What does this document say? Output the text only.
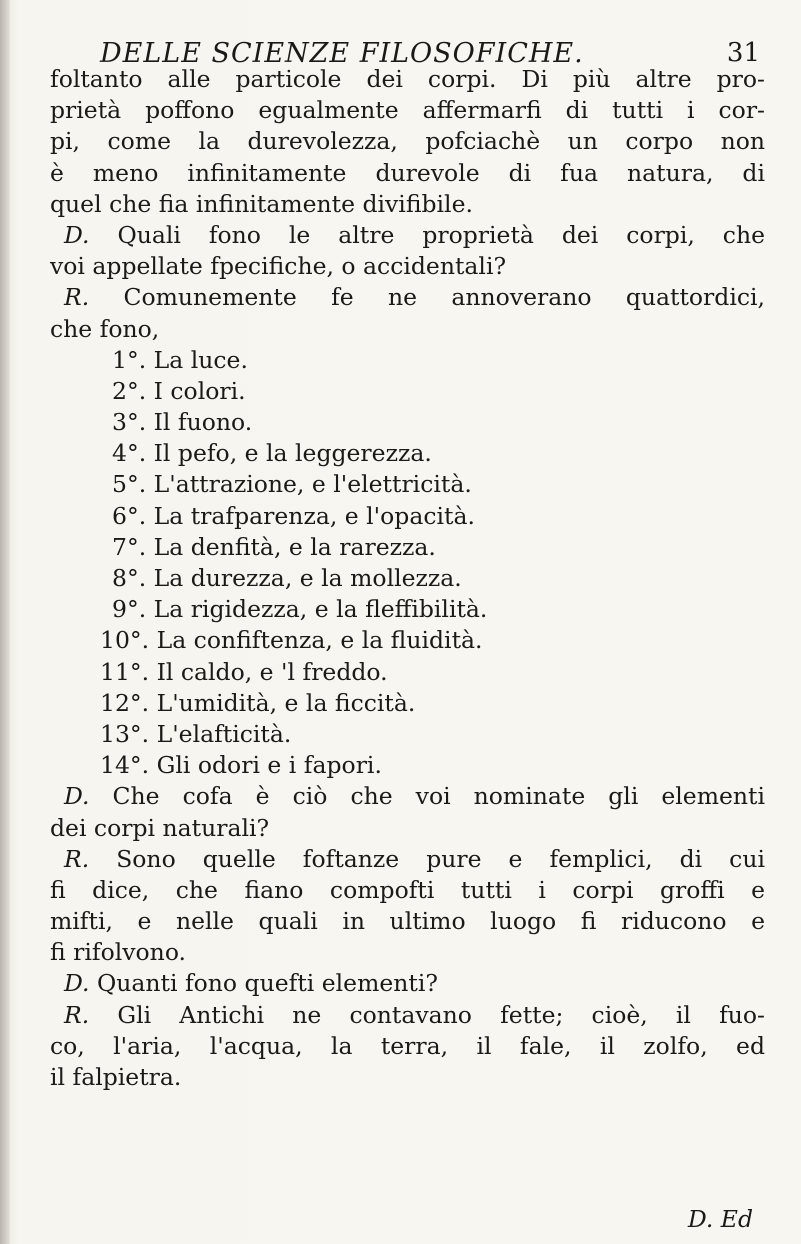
DELLE SCIENZE FILOSOFICHE.	31
foltanto alle particole dei corpi. Di più altre pro-
prietà poffono egualmente affermarfi di tutti i cor-
pi, come la durevolezza, pofciachè un corpo non
è meno infinitamente durevole di fua natura, di
quel che fia infinitamente divifibile.
D. Quali fono le altre proprietà dei corpi, che
voi appellate fpecifiche, o accidentali?
R. Comunemente fe ne annoverano quattordici,
che fono,
1°. La luce.
2°. I colori.
3°. Il fuono.
4°. Il pefo, e la leggerezza.
5°. L'attrazione, e l'elettricità.
6°. La trafparenza, e l'opacità.
7°. La denfità, e la rarezza.
8°. La durezza, e la mollezza.
9°. La rigidezza, e la fleffibilità.
10°. La confiftenza, e la fluidità.
11°. Il caldo, e 'l freddo.
12°. L'umidità, e la ficcità.
13°. L'elafticità.
14°. Gli odori e i fapori.
D. Che cofa è ciò che voi nominate gli elementi
dei corpi naturali?
R. Sono quelle foftanze pure e femplici, di cui
fi dice, che fiano compofti tutti i corpi groffi e
mifti, e nelle quali in ultimo luogo fi riducono e
fi rifolvono.
D. Quanti fono quefti elementi?
R. Gli Antichi ne contavano fette; cioè, il fuo-
co, l'aria, l'acqua, la terra, il fale, il zolfo, ed
il falpietra.
D. Ed
